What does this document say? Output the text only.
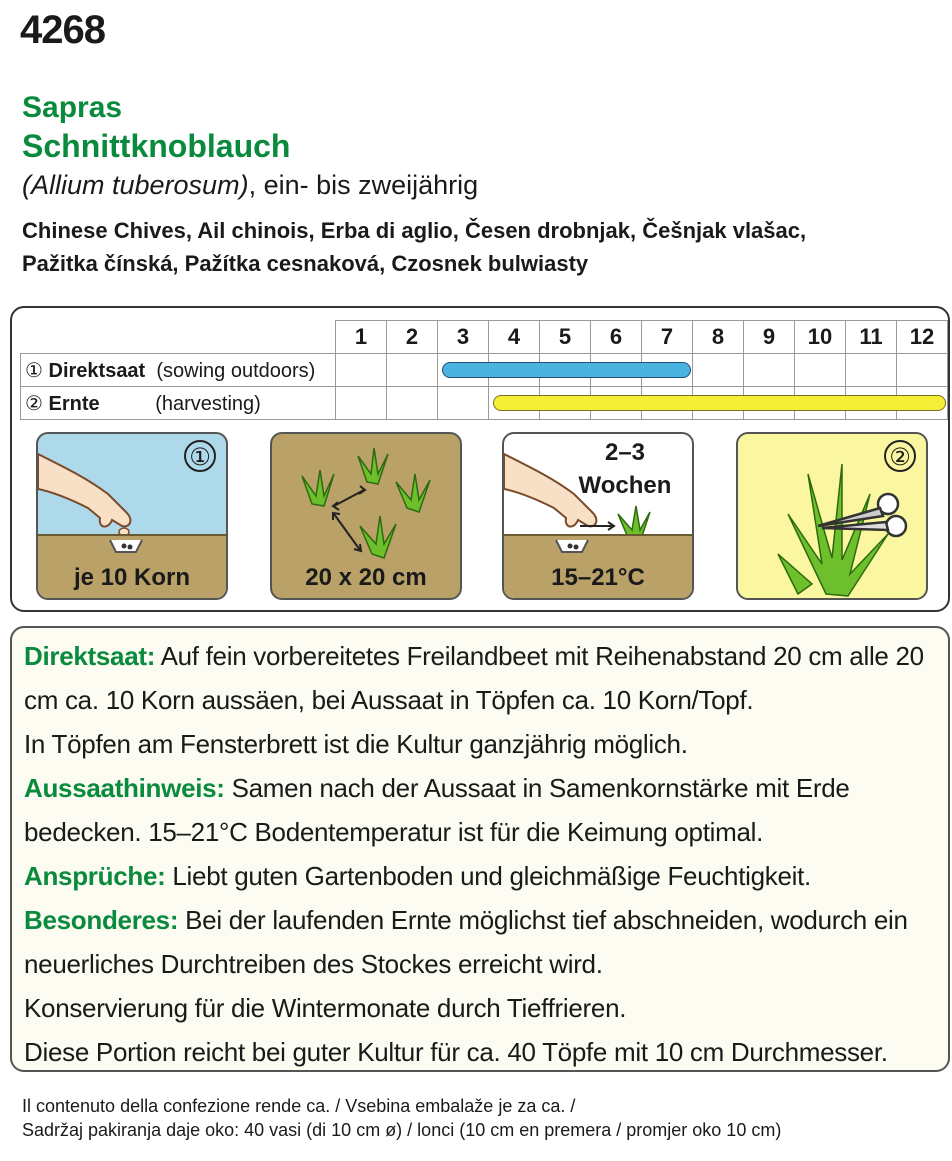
4268
Sapras
Schnittknoblauch
(Allium tuberosum), ein- bis zweijährig
Chinese Chives, Ail chinois, Erba di aglio, Česen drobnjak, Češnjak vlašac,
Pažitka čínská, Pažítka cesnaková, Czosnek bulwiasty
	1	2	3	4	5	6	7	8	9	10	11	12
① Direktsaat (sowing outdoors)												
② Ernte (harvesting)												
①
je 10 Korn	20 x 20 cm
2–3
Wochen
15–21°C
②

Direktsaat: Auf fein vorbereitetes Freilandbeet mit Reihenabstand 20 cm alle 20 cm ca. 10 Korn aussäen, bei Aussaat in Töpfen ca. 10 Korn/Topf.

In Töpfen am Fensterbrett ist die Kultur ganzjährig möglich.

Aussaathinweis: Samen nach der Aussaat in Samenkornstärke mit Erde bedecken. 15–21°C Bodentemperatur ist für die Keimung optimal.

Ansprüche: Liebt guten Gartenboden und gleichmäßige Feuchtigkeit.

Besonderes: Bei der laufenden Ernte möglichst tief abschneiden, wodurch ein neuerliches Durchtreiben des Stockes erreicht wird.

Konservierung für die Wintermonate durch Tieffrieren.

Diese Portion reicht bei guter Kultur für ca. 40 Töpfe mit 10 cm Durchmesser.

Il contenuto della confezione rende ca. / Vsebina embalaže je za ca. /
Sadržaj pakiranja daje oko: 40 vasi (di 10 cm ø) / lonci (10 cm en premera / promjer oko 10 cm)
